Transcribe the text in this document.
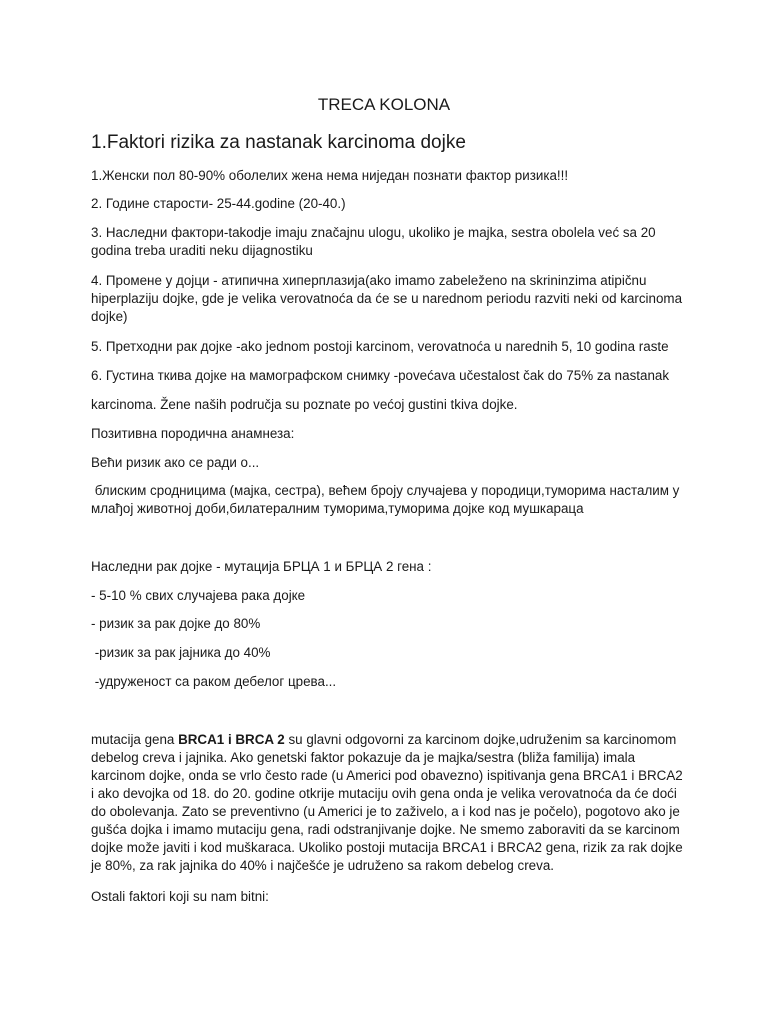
TRECA KOLONA

1.Faktori rizika za nastanak karcinoma dojke

1.Женски пол 80-90% оболелих жена нема ниједан познати фактор ризика!!!

2. Године старости- 25-44.godine (20-40.)

3. Наследни фактори-takodje imaju značajnu ulogu, ukoliko je majka, sestra obolela već sa 20 godina treba uraditi neku dijagnostiku

4. Промене у дојци - атипична хиперплазија(ako imamo zabeleženo na skrininzima atipičnu hiperplaziju dojke, gde je velika verovatnoća da će se u narednom periodu razviti neki od karcinoma dojke)

5. Претходни рак дојке -ako jednom postoji karcinom, verovatnoća u narednih 5, 10 godina raste

6. Густина ткива дојке на мамографском снимку -povećava učestalost čak do 75% za nastanak

karcinoma. Žene naših područja su poznate po većoj gustini tkiva dojke.

Позитивна породична анамнеза:

Већи ризик ако се ради о...

блиским сродницима (мајка, сестра), већем броју случајева у породици,туморима насталим у млађој животној доби,билатералним туморима,туморима дојке код мушкараца

Наследни рак дојке - мутација БРЦА 1 и БРЦА 2 гена :

- 5-10 % свих случајева рака дојке

- ризик за рак дојке до 80%

-ризик за рак јајника до 40%

-удруженост са раком дебелог црева...

mutacija gena BRCA1 i BRCA 2 su glavni odgovorni za karcinom dojke,udruženim sa karcinomom debelog creva i jajnika. Ako genetski faktor pokazuje da je majka/sestra (bliža familija) imala karcinom dojke, onda se vrlo često rade (u Americi pod obavezno) ispitivanja gena BRCA1 i BRCA2 i ako devojka od 18. do 20. godine otkrije mutaciju ovih gena onda je velika verovatnoća da će doći do obolevanja. Zato se preventivno (u Americi je to zaživelo, a i kod nas je počelo), pogotovo ako je gušća dojka i imamo mutaciju gena, radi odstranjivanje dojke. Ne smemo zaboraviti da se karcinom dojke može javiti i kod muškaraca. Ukoliko postoji mutacija BRCA1 i BRCA2 gena, rizik za rak dojke je 80%, za rak jajnika do 40% i najčešće je udruženo sa rakom debelog creva.

Ostali faktori koji su nam bitni:
